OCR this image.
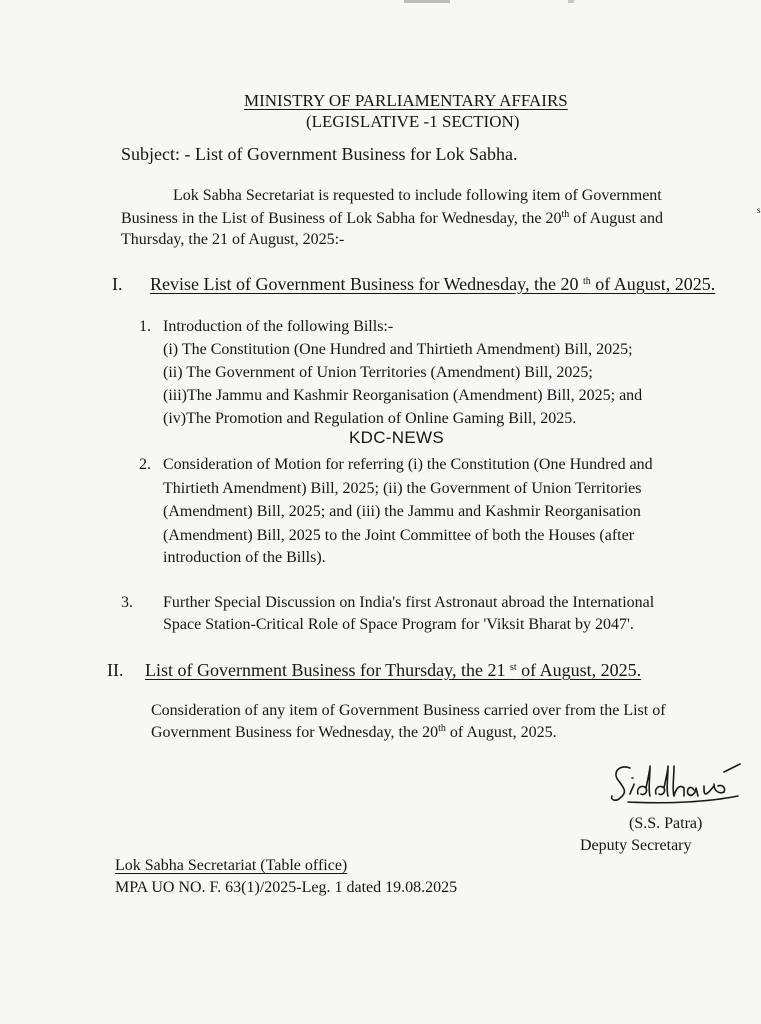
MINISTRY OF PARLIAMENTARY AFFAIRS
(LEGISLATIVE -1 SECTION)
Subject: - List of Government Business for Lok Sabha.
Lok Sabha Secretariat is requested to include following item of Government
Business in the List of Business of Lok Sabha for Wednesday, the 20th of August and
Thursday, the 21 of August, 2025:-
s
I. Revise List of Government Business for Wednesday, the 20 $^{th}$ of August, 2025.
1. Introduction of the following Bills:-
(i) The Constitution (One Hundred and Thirtieth Amendment) Bill, 2025;
(ii) The Government of Union Territories (Amendment) Bill, 2025;
(iii)The Jammu and Kashmir Reorganisation (Amendment) Bill, 2025; and
(iv)The Promotion and Regulation of Online Gaming Bill, 2025.
KDC-NEWS
2. Consideration of Motion for referring (i) the Constitution (One Hundred and
Thirtieth Amendment) Bill, 2025; (ii) the Government of Union Territories
(Amendment) Bill, 2025; and (iii) the Jammu and Kashmir Reorganisation
(Amendment) Bill, 2025 to the Joint Committee of both the Houses (after
introduction of the Bills).
3. Further Special Discussion on India's first Astronaut abroad the International
Space Station-Critical Role of Space Program for 'Viksit Bharat by 2047'.
II. List of Government Business for Thursday, the 21 $^{st}$ of August, 2025.
Consideration of any item of Government Business carried over from the List of
Government Business for Wednesday, the 20th of August, 2025.
(S.S. Patra)
Deputy Secretary
Lok Sabha Secretariat (Table office)
MPA UO NO. F. 63(1)/2025-Leg. 1 dated 19.08.2025
